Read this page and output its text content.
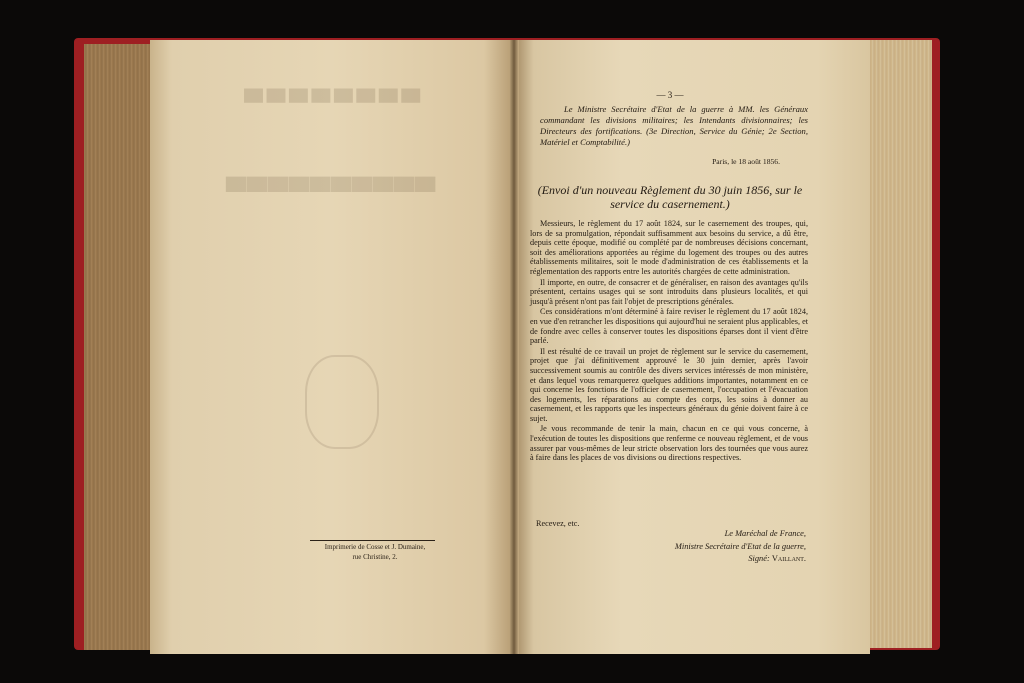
▀▀▀▀▀▀▀▀
▀▀▀▀▀▀▀▀▀▀
Imprimerie de Cosse et J. Dumaine,
rue Christine, 2.
— 3 —
Le Ministre Secrétaire d'Etat de la guerre à MM. les Généraux commandant les divisions militaires; les Intendants divisionnaires; les Directeurs des fortifications. (3e Direction, Service du Génie; 2e Section, Matériel et Comptabilité.)
Paris, le 18 août 1856.
(Envoi d'un nouveau Règlement du 30 juin 1856, sur le service du casernement.)

Messieurs, le règlement du 17 août 1824, sur le casernement des troupes, qui, lors de sa promulgation, répondait suffisamment aux besoins du service, a dû être, depuis cette époque, modifié ou complété par de nombreuses décisions concernant, soit des améliorations apportées au régime du logement des troupes ou des autres établissements militaires, soit le mode d'administration de ces établissements et la réglementation des rapports entre les autorités chargées de cette administration.

Il importe, en outre, de consacrer et de généraliser, en raison des avantages qu'ils présentent, certains usages qui se sont introduits dans plusieurs localités, et qui jusqu'à présent n'ont pas fait l'objet de prescriptions générales.

Ces considérations m'ont déterminé à faire reviser le règlement du 17 août 1824, en vue d'en retrancher les dispositions qui aujourd'hui ne seraient plus applicables, et de fondre avec celles à conserver toutes les dispositions éparses dont il vient d'être parlé.

Il est résulté de ce travail un projet de règlement sur le service du casernement, projet que j'ai définitivement approuvé le 30 juin dernier, après l'avoir successivement soumis au contrôle des divers services intéressés de mon ministère, et dans lequel vous remarquerez quelques additions importantes, notamment en ce qui concerne les fonctions de l'officier de casernement, l'occupation et l'évacuation des logements, les réparations au compte des corps, les soins à donner au casernement, et les rapports que les inspecteurs généraux du génie doivent faire à ce sujet.

Je vous recommande de tenir la main, chacun en ce qui vous concerne, à l'exécution de toutes les dispositions que renferme ce nouveau règlement, et de vous assurer par vous-mêmes de leur stricte observation lors des tournées que vous aurez à faire dans les places de vos divisions ou directions respectives.

Recevez, etc.
Le Maréchal de France,
Ministre Secrétaire d'Etat de la guerre,
Signé: Vaillant.
